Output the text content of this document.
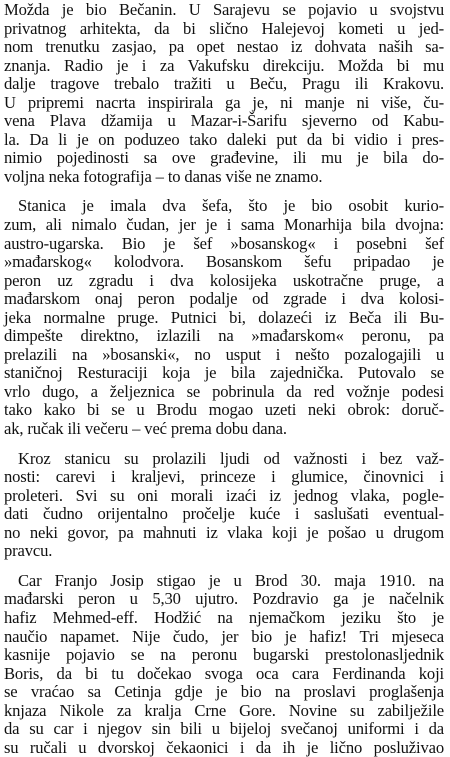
Možda je bio Bečanin. U Sarajevu se pojavio u svojstvu
privatnog arhitekta, da bi slično Halejevoj kometi u jed-
nom trenutku zasjao, pa opet nestao iz dohvata naših sa-
znanja. Radio je i za Vakufsku direkciju. Možda bi mu
dalje tragove trebalo tražiti u Beču, Pragu ili Krakovu.
U pripremi nacrta inspirirala ga je, ni manje ni više, ču-
vena Plava džamija u Mazar-i-Šarifu sjeverno od Kabu-
la. Da li je on poduzeo tako daleki put da bi vidio i pres-
nimio pojedinosti sa ove građevine, ili mu je bila do-
voljna neka fotografija – to danas više ne znamo.
Stanica je imala dva šefa, što je bio osobit kurio-
zum, ali nimalo čudan, jer je i sama Monarhija bila dvojna:
austro-ugarska. Bio je šef »bosanskog« i posebni šef
»mađarskog« kolodvora. Bosanskom šefu pripadao je
peron uz zgradu i dva kolosijeka uskotračne pruge, a
mađarskom onaj peron podalje od zgrade i dva kolosi-
jeka normalne pruge. Putnici bi, dolazeći iz Beča ili Bu-
dimpešte direktno, izlazili na »mađarskom« peronu, pa
prelazili na »bosanski«, no usput i nešto pozalogajili u
staničnoj Resturaciji koja je bila zajednička. Putovalo se
vrlo dugo, a željeznica se pobrinula da red vožnje podesi
tako kako bi se u Brodu mogao uzeti neki obrok: doruč-
ak, ručak ili večeru – već prema dobu dana.
Kroz stanicu su prolazili ljudi od važnosti i bez važ-
nosti: carevi i kraljevi, princeze i glumice, činovnici i
proleteri. Svi su oni morali izaći iz jednog vlaka, pogle-
dati čudno orijentalno pročelje kuće i saslušati eventual-
no neki govor, pa mahnuti iz vlaka koji je pošao u drugom
pravcu.
Car Franjo Josip stigao je u Brod 30. maja 1910. na
mađarski peron u 5,30 ujutro. Pozdravio ga je načelnik
hafiz Mehmed-eff. Hodžić na njemačkom jeziku što je
naučio napamet. Nije čudo, jer bio je hafiz! Tri mjeseca
kasnije pojavio se na peronu bugarski prestolonasljednik
Boris, da bi tu dočekao svoga oca cara Ferdinanda koji
se vraćao sa Cetinja gdje je bio na proslavi proglašenja
knjaza Nikole za kralja Crne Gore. Novine su zabilježile
da su car i njegov sin bili u bijeloj svečanoj uniformi i da
su ručali u dvorskoj čekaonici i da ih je lično posluživao
